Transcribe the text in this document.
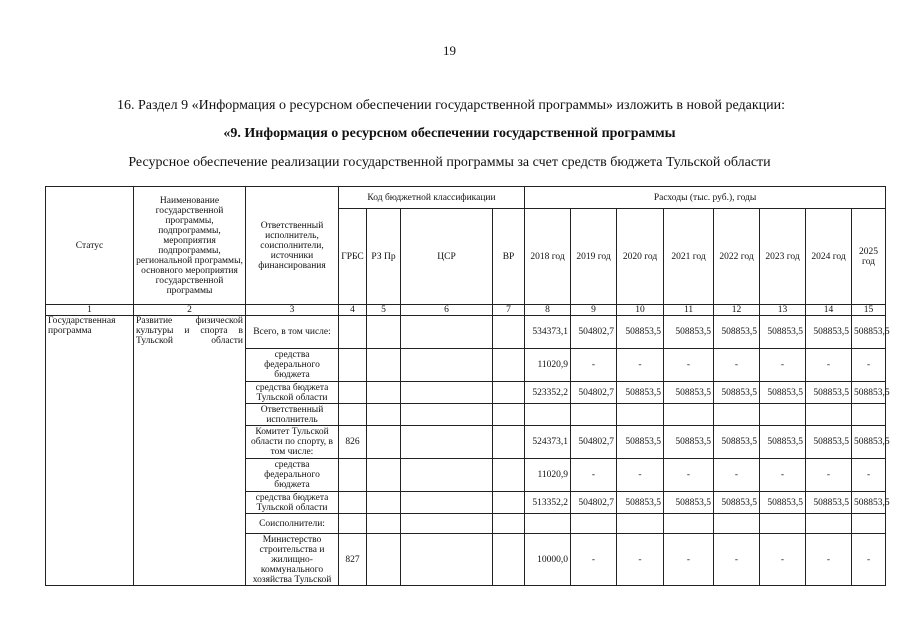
19
16. Раздел 9 «Информация о ресурсном обеспечении государственной программы» изложить в новой редакции:
«9. Информация о ресурсном обеспечении государственной программы
Ресурсное обеспечение реализации государственной программы за счет средств бюджета Тульской области
Статус	Наименование государственной программы, подпрограммы, мероприятия подпрограммы, региональной программы, основного мероприятия государственной программы	Ответственный исполнитель, соисполнители, источники финансирования	Код бюджетной классификации				Расходы (тыс. руб.), годы							
			ГРБС	РЗ Пр	ЦСР	ВР	2018 год	2019 год	2020 год	2021 год	2022 год	2023 год	2024 год	2025 год
1	2	3	4	5	6	7	8	9	10	11	12	13	14	15
Государственная программа	Развитие физической культуры и спорта в Тульской области	Всего, в том числе:					534373,1	504802,7	508853,5	508853,5	508853,5	508853,5	508853,5	508853,5
		средства федерального бюджета					11020,9	-	-	-	-	-	-	-
		средства бюджета Тульской области					523352,2	504802,7	508853,5	508853,5	508853,5	508853,5	508853,5	508853,5
		Ответственный исполнитель												
		Комитет Тульской области по спорту, в том числе:	826				524373,1	504802,7	508853,5	508853,5	508853,5	508853,5	508853,5	508853,5
		средства федерального бюджета					11020,9	-	-	-	-	-	-	-
		средства бюджета Тульской области					513352,2	504802,7	508853,5	508853,5	508853,5	508853,5	508853,5	508853,5
		Соисполнители:												
		Министерство строительства и жилищно-коммунального хозяйства Тульской	827				10000,0	-	-	-	-	-	-	-
